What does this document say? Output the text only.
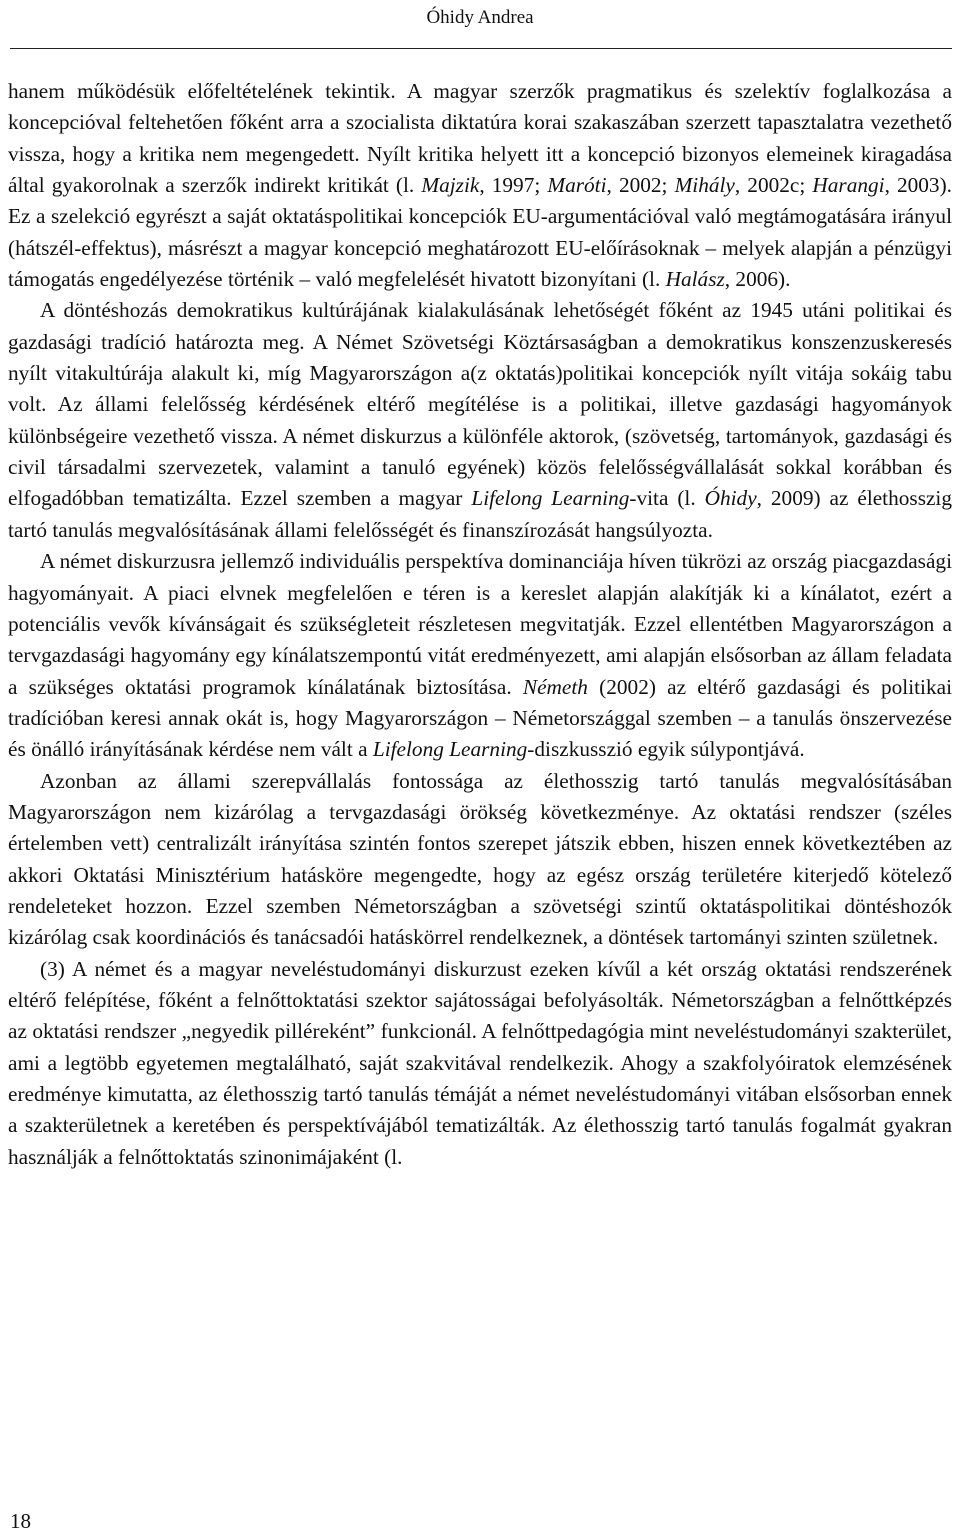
Óhidy Andrea

hanem működésük előfeltételének tekintik. A magyar szerzők pragmatikus és szelektív foglalkozása a koncepcióval feltehetően főként arra a szocialista diktatúra korai szakaszában szerzett tapasztalatra vezethető vissza, hogy a kritika nem megengedett. Nyílt kritika helyett itt a koncepció bizonyos elemeinek kiragadása által gyakorolnak a szerzők indirekt kritikát (l. Majzik, 1997; Maróti, 2002; Mihály, 2002c; Harangi, 2003). Ez a szelekció egyrészt a saját oktatáspolitikai koncepciók EU-argumentációval való megtámogatására irányul (hátszél-effektus), másrészt a magyar koncepció meghatározott EU-előírásoknak – melyek alapján a pénzügyi támogatás engedélyezése történik – való megfelelését hivatott bizonyítani (l. Halász, 2006).

A döntéshozás demokratikus kultúrájának kialakulásának lehetőségét főként az 1945 utáni politikai és gazdasági tradíció határozta meg. A Német Szövetségi Köztársaságban a demokratikus konszenzuskeresés nyílt vitakultúrája alakult ki, míg Magyarországon a(z oktatás)politikai koncepciók nyílt vitája sokáig tabu volt. Az állami felelősség kérdésének eltérő megítélése is a politikai, illetve gazdasági hagyományok különbségeire vezethető vissza. A német diskurzus a különféle aktorok, (szövetség, tartományok, gazdasági és civil társadalmi szervezetek, valamint a tanuló egyének) közös felelősségvállalását sokkal korábban és elfogadóbban tematizálta. Ezzel szemben a magyar Lifelong Learning-vita (l. Óhidy, 2009) az élethosszig tartó tanulás megvalósításának állami felelősségét és finanszírozását hangsúlyozta.

A német diskurzusra jellemző individuális perspektíva dominanciája híven tükrözi az ország piacgazdasági hagyományait. A piaci elvnek megfelelően e téren is a kereslet alapján alakítják ki a kínálatot, ezért a potenciális vevők kívánságait és szükségleteit részletesen megvitatják. Ezzel ellentétben Magyarországon a tervgazdasági hagyomány egy kínálatszempontú vitát eredményezett, ami alapján elsősorban az állam feladata a szükséges oktatási programok kínálatának biztosítása. Németh (2002) az eltérő gazdasági és politikai tradícióban keresi annak okát is, hogy Magyarországon – Németországgal szemben – a tanulás önszervezése és önálló irányításának kérdése nem vált a Lifelong Learning-diszkusszió egyik súlypontjává.

Azonban az állami szerepvállalás fontossága az élethosszig tartó tanulás megvalósításában Magyarországon nem kizárólag a tervgazdasági örökség következménye. Az oktatási rendszer (széles értelemben vett) centralizált irányítása szintén fontos szerepet játszik ebben, hiszen ennek következtében az akkori Oktatási Minisztérium hatásköre megengedte, hogy az egész ország területére kiterjedő kötelező rendeleteket hozzon. Ezzel szemben Németországban a szövetségi szintű oktatáspolitikai döntéshozók kizárólag csak koordinációs és tanácsadói hatáskörrel rendelkeznek, a döntések tartományi szinten születnek.

(3) A német és a magyar neveléstudományi diskurzust ezeken kívűl a két ország oktatási rendszerének eltérő felépítése, főként a felnőttoktatási szektor sajátosságai befolyásolták. Németországban a felnőttképzés az oktatási rendszer „negyedik pilléreként” funkcionál. A felnőttpedagógia mint neveléstudományi szakterület, ami a legtöbb egyetemen megtalálható, saját szakvitával rendelkezik. Ahogy a szakfolyóiratok elemzésének eredménye kimutatta, az élethosszig tartó tanulás témáját a német neveléstudományi vitában elsősorban ennek a szakterületnek a keretében és perspektívájából tematizálták. Az élethosszig tartó tanulás fogalmát gyakran használják a felnőttoktatás szinonimájaként (l.

18
